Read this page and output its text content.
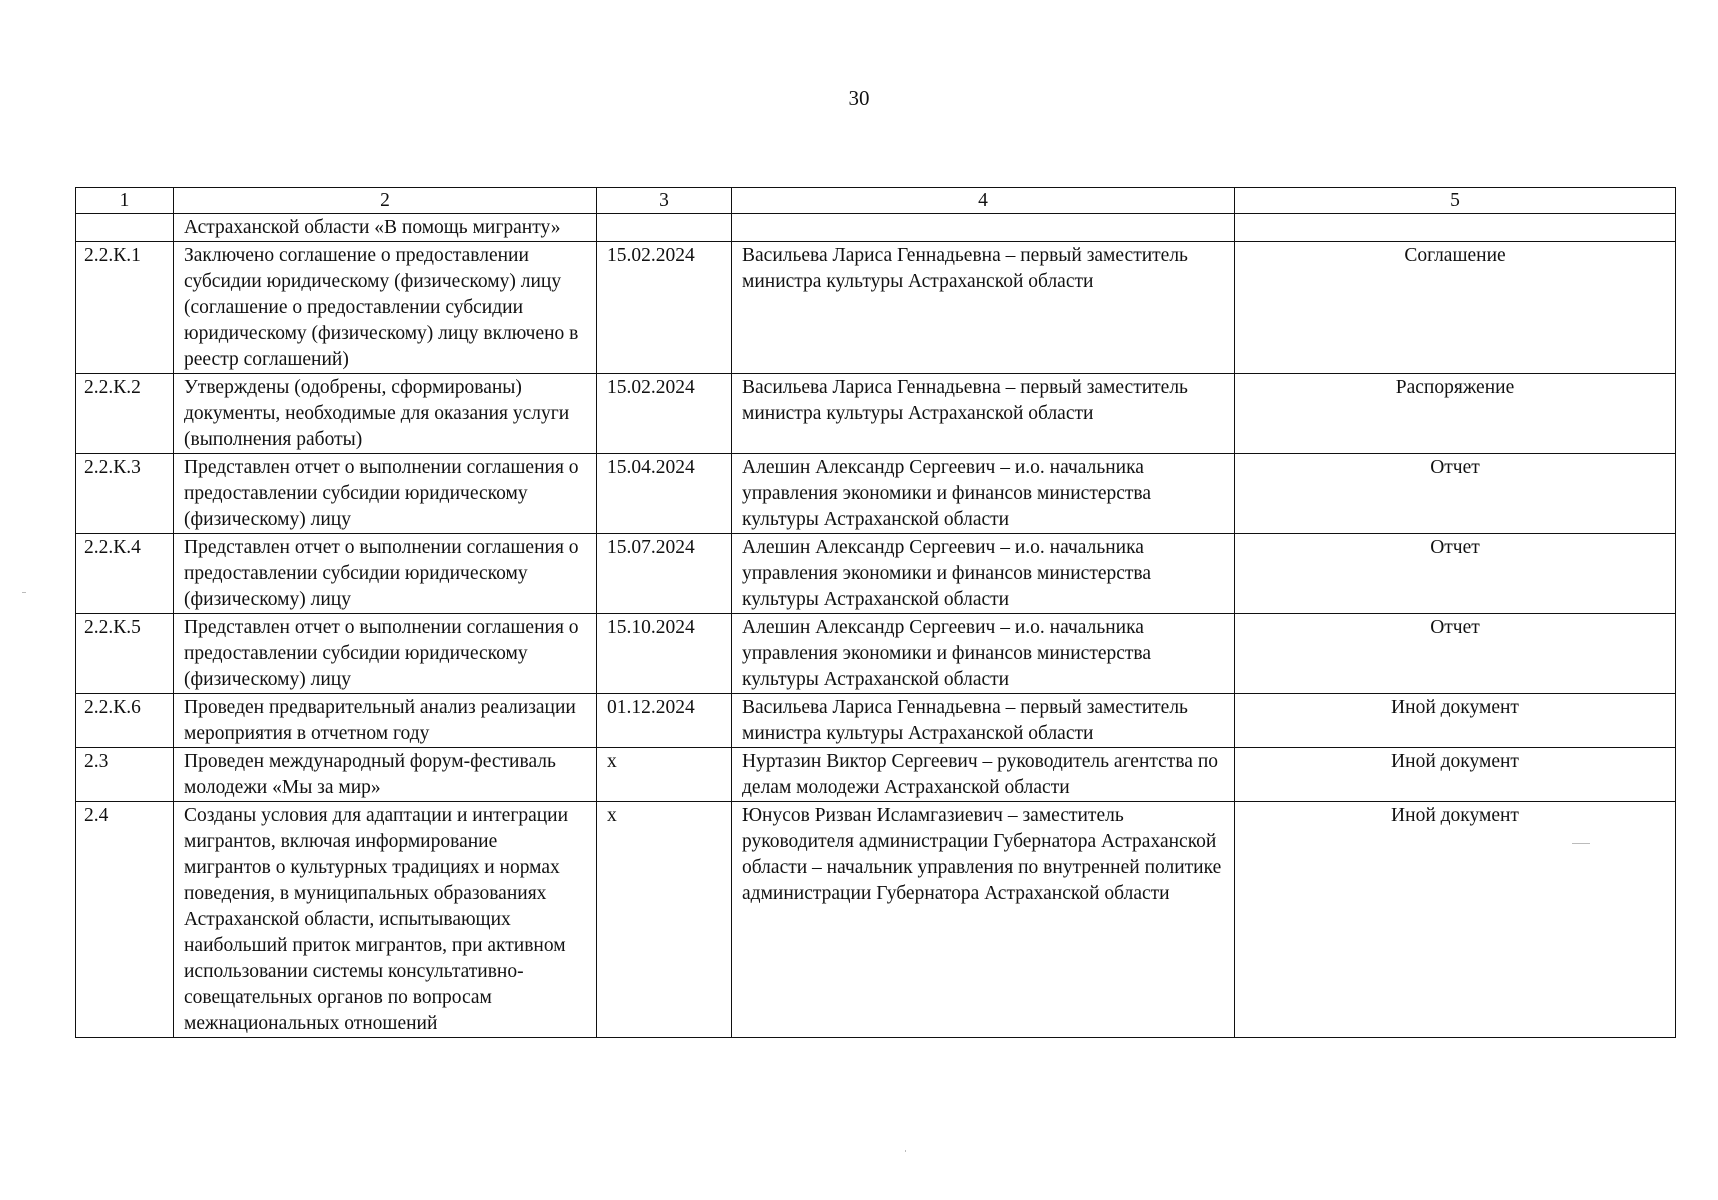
30
1	2	3	4	5
	Астраханской области «В помощь мигранту»			
2.2.К.1	Заключено соглашение о предоставлении субсидии юридическому (физическому) лицу (соглашение о предоставлении субсидии юридическому (физическому) лицу включено в реестр соглашений)	15.02.2024	Васильева Лариса Геннадьевна – первый заместитель министра культуры Астраханской области	Соглашение
2.2.К.2	Утверждены (одобрены, сформированы) документы, необходимые для оказания услуги (выполнения работы)	15.02.2024	Васильева Лариса Геннадьевна – первый заместитель министра культуры Астраханской области	Распоряжение
2.2.К.3	Представлен отчет о выполнении соглашения о предоставлении субсидии юридическому (физическому) лицу	15.04.2024	Алешин Александр Сергеевич – и.о. начальника управления экономики и финансов министерства культуры Астраханской области	Отчет
2.2.К.4	Представлен отчет о выполнении соглашения о предоставлении субсидии юридическому (физическому) лицу	15.07.2024	Алешин Александр Сергеевич – и.о. начальника управления экономики и финансов министерства культуры Астраханской области	Отчет
2.2.К.5	Представлен отчет о выполнении соглашения о предоставлении субсидии юридическому (физическому) лицу	15.10.2024	Алешин Александр Сергеевич – и.о. начальника управления экономики и финансов министерства культуры Астраханской области	Отчет
2.2.К.6	Проведен предварительный анализ реализации мероприятия в отчетном году	01.12.2024	Васильева Лариса Геннадьевна – первый заместитель министра культуры Астраханской области	Иной документ
2.3	Проведен международный форум-фестиваль молодежи «Мы за мир»	х	Нуртазин Виктор Сергеевич – руководитель агентства по делам молодежи Астраханской области	Иной документ
2.4	Созданы условия для адаптации и интеграции мигрантов, включая информирование мигрантов о культурных традициях и нормах поведения, в муниципальных образованиях Астраханской области, испытывающих наибольший приток мигрантов, при активном использовании системы консультативно-совещательных органов по вопросам межнациональных отношений	х	Юнусов Ризван Исламгазиевич – заместитель руководителя администрации Губернатора Астраханской области – начальник управления по внутренней политике администрации Губернатора Астраханской области	Иной документ
